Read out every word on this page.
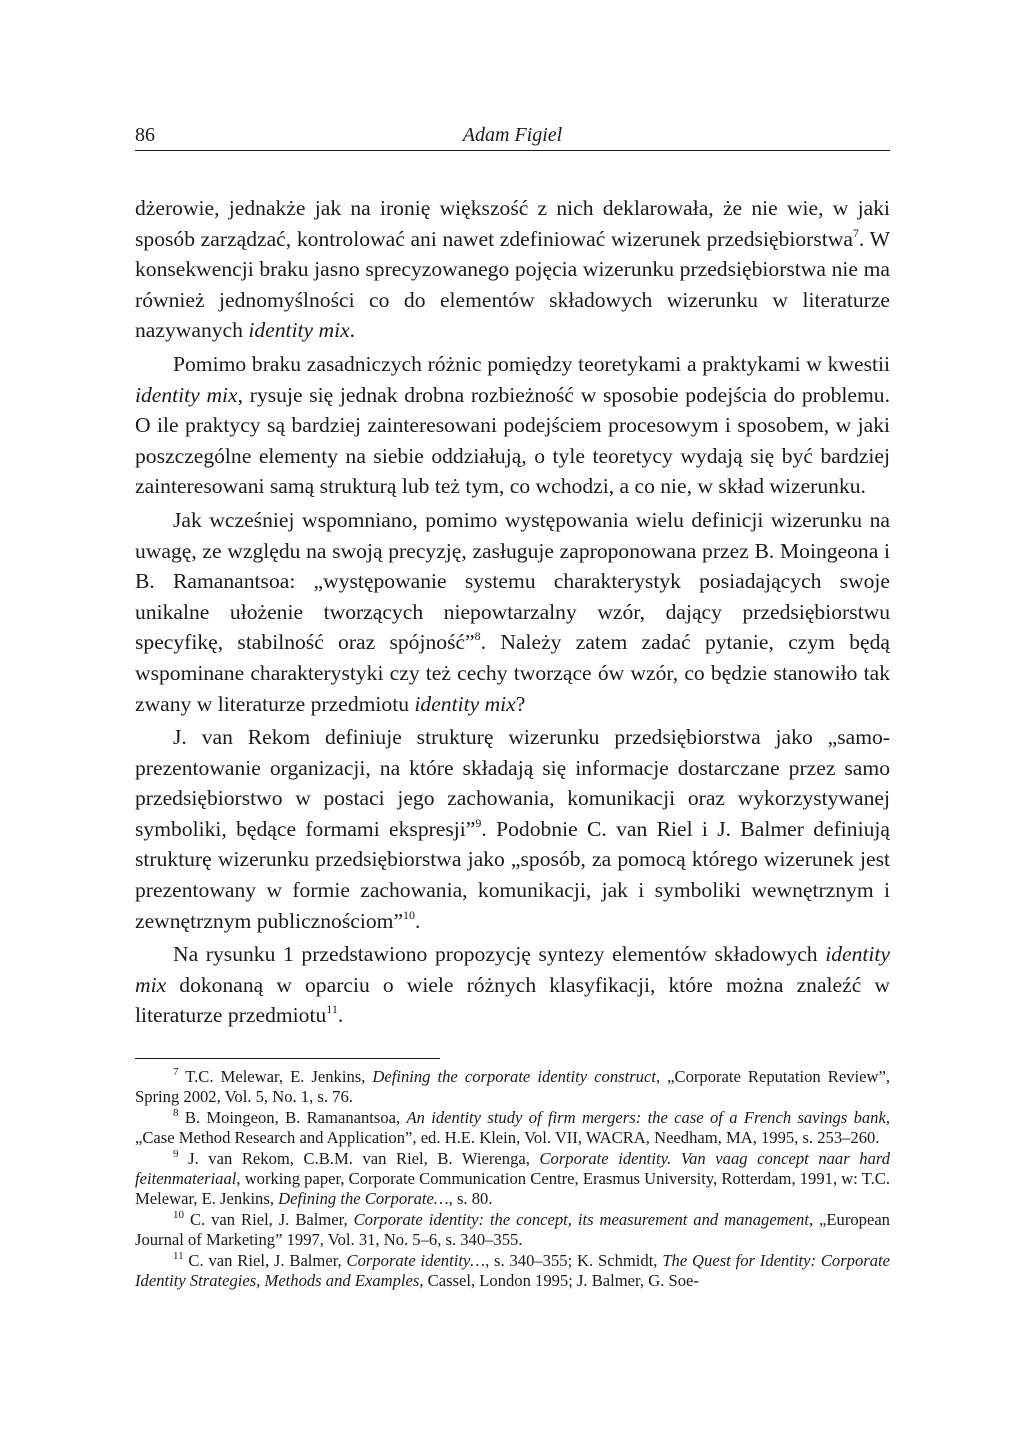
86	Adam Figiel

dżerowie, jednakże jak na ironię większość z nich deklarowała, że nie wie, w jaki sposób zarządzać, kontrolować ani nawet zdefiniować wizerunek przedsiębiorstwa$^7$. W konsekwencji braku jasno sprecyzowanego pojęcia wizerunku przedsiębiorstwa nie ma również jednomyślności co do elementów składowych wizerunku w literaturze nazywanych identity mix.

Pomimo braku zasadniczych różnic pomiędzy teoretykami a praktykami w kwestii identity mix, rysuje się jednak drobna rozbieżność w sposobie podejścia do problemu. O ile praktycy są bardziej zainteresowani podejściem procesowym i sposobem, w jaki poszczególne elementy na siebie oddziałują, o tyle teoretycy wydają się być bardziej zainteresowani samą strukturą lub też tym, co wchodzi, a co nie, w skład wizerunku.

Jak wcześniej wspomniano, pomimo występowania wielu definicji wizerunku na uwagę, ze względu na swoją precyzję, zasługuje zaproponowana przez B. Moingeona i B. Ramanantsoa: „występowanie systemu charakterystyk posiadających swoje unikalne ułożenie tworzących niepowtarzalny wzór, dający przedsiębiorstwu specyfikę, stabilność oraz spójność”$^8$. Należy zatem zadać pytanie, czym będą wspominane charakterystyki czy też cechy tworzące ów wzór, co będzie stanowiło tak zwany w literaturze przedmiotu identity mix?

J. van Rekom definiuje strukturę wizerunku przedsiębiorstwa jako „samoprezentowanie organizacji, na które składają się informacje dostarczane przez samo przedsiębiorstwo w postaci jego zachowania, komunikacji oraz wykorzystywanej symboliki, będące formami ekspresji”$^9$. Podobnie C. van Riel i J. Balmer definiują strukturę wizerunku przedsiębiorstwa jako „sposób, za pomocą którego wizerunek jest prezentowany w formie zachowania, komunikacji, jak i symboliki wewnętrznym i zewnętrznym publicznościom”$^{10}$.

Na rysunku 1 przedstawiono propozycję syntezy elementów składowych identity mix dokonaną w oparciu o wiele różnych klasyfikacji, które można znaleźć w literaturze przedmiotu$^{11}$.

$^7$ T.C. Melewar, E. Jenkins, Defining the corporate identity construct, „Corporate Reputation Review”, Spring 2002, Vol. 5, No. 1, s. 76.

$^8$ B. Moingeon, B. Ramanantsoa, An identity study of firm mergers: the case of a French savings bank, „Case Method Research and Application”, ed. H.E. Klein, Vol. VII, WACRA, Needham, MA, 1995, s. 253–260.

$^9$ J. van Rekom, C.B.M. van Riel, B. Wierenga, Corporate identity. Van vaag concept naar hard feitenmateriaal, working paper, Corporate Communication Centre, Erasmus University, Rotterdam, 1991, w: T.C. Melewar, E. Jenkins, Defining the Corporate…, s. 80.

$^{10}$ C. van Riel, J. Balmer, Corporate identity: the concept, its measurement and management, „European Journal of Marketing” 1997, Vol. 31, No. 5–6, s. 340–355.

$^{11}$ C. van Riel, J. Balmer, Corporate identity…, s. 340–355; K. Schmidt, The Quest for Identity: Corporate Identity Strategies, Methods and Examples, Cassel, London 1995; J. Balmer, G. Soe-
